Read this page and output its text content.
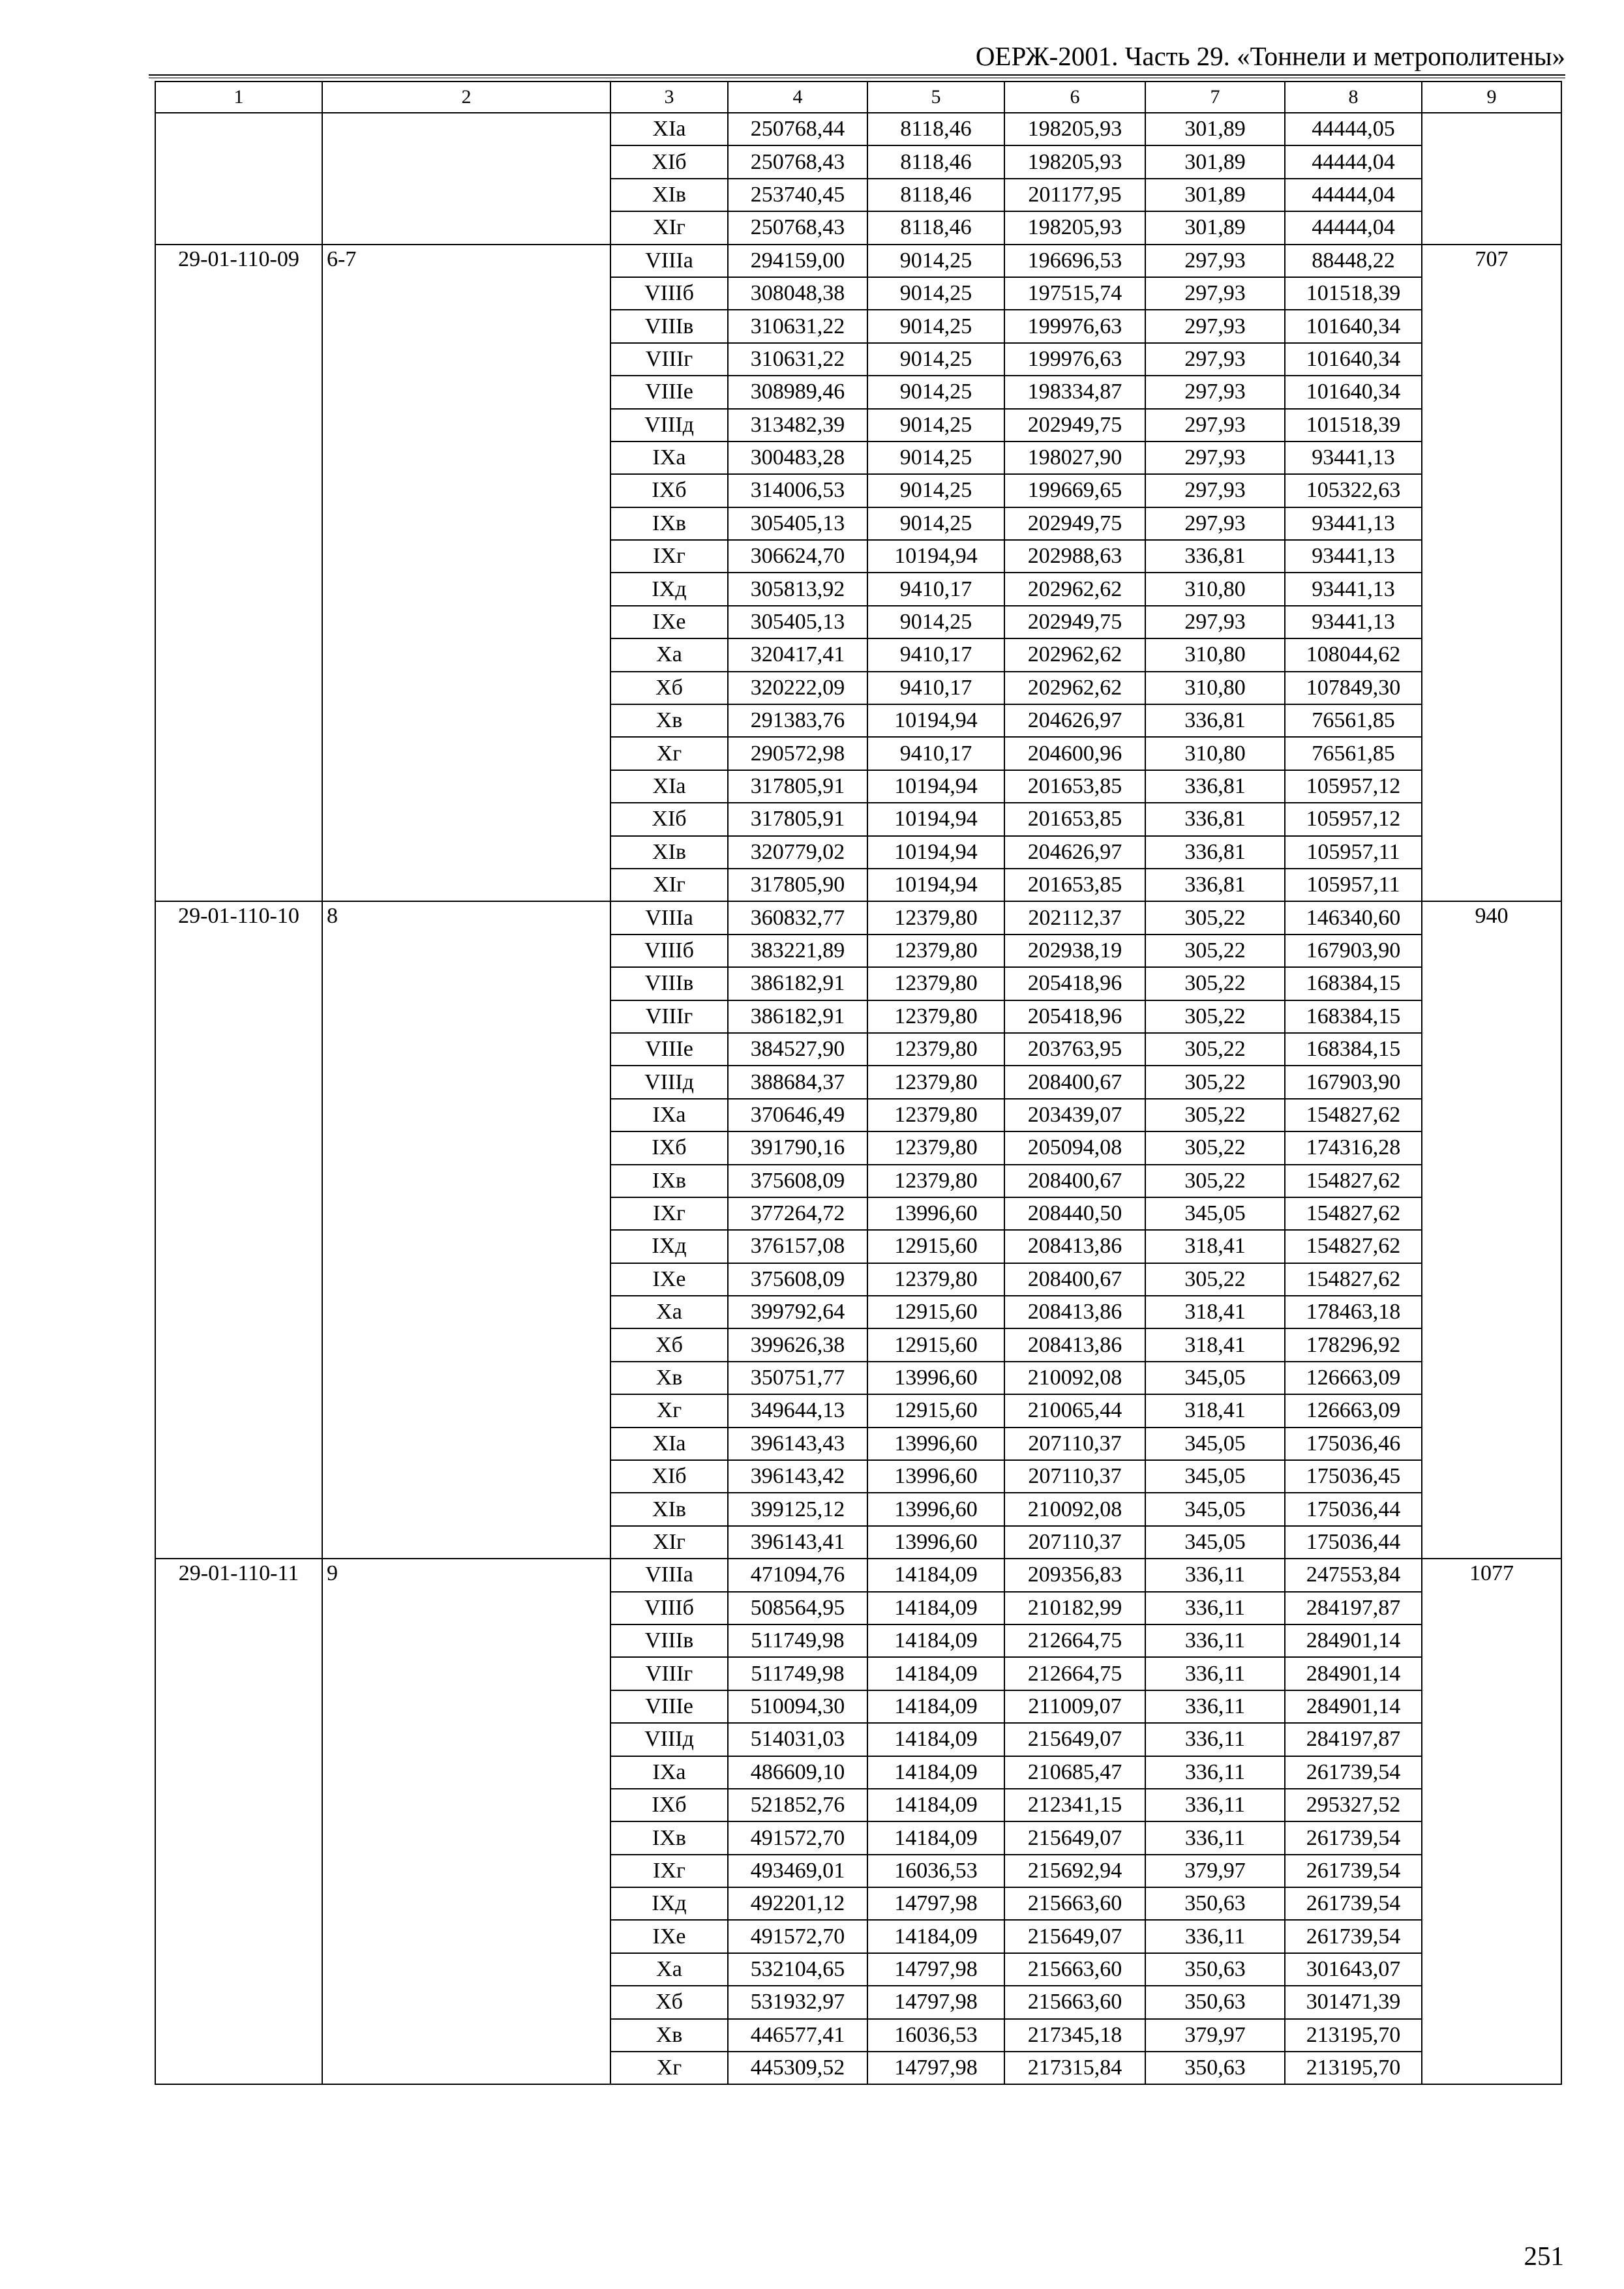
ОЕРЖ-2001. Часть 29. «Тоннели и метрополитены»
1	2	3	4	5	6	7	8	9
		XIa	250768,44	8118,46	198205,93	301,89	44444,05	
		XIб	250768,43	8118,46	198205,93	301,89	44444,04	
		XIв	253740,45	8118,46	201177,95	301,89	44444,04	
		XIг	250768,43	8118,46	198205,93	301,89	44444,04	
29-01-110-09	6-7	VIIIa	294159,00	9014,25	196696,53	297,93	88448,22	707
		VIIIб	308048,38	9014,25	197515,74	297,93	101518,39	
		VIIIв	310631,22	9014,25	199976,63	297,93	101640,34	
		VIIIг	310631,22	9014,25	199976,63	297,93	101640,34	
		VIIIе	308989,46	9014,25	198334,87	297,93	101640,34	
		VIIIд	313482,39	9014,25	202949,75	297,93	101518,39	
		IXa	300483,28	9014,25	198027,90	297,93	93441,13	
		IXб	314006,53	9014,25	199669,65	297,93	105322,63	
		IXв	305405,13	9014,25	202949,75	297,93	93441,13	
		IXг	306624,70	10194,94	202988,63	336,81	93441,13	
		IXд	305813,92	9410,17	202962,62	310,80	93441,13	
		IXе	305405,13	9014,25	202949,75	297,93	93441,13	
		Xa	320417,41	9410,17	202962,62	310,80	108044,62	
		Xб	320222,09	9410,17	202962,62	310,80	107849,30	
		Xв	291383,76	10194,94	204626,97	336,81	76561,85	
		Xг	290572,98	9410,17	204600,96	310,80	76561,85	
		XIa	317805,91	10194,94	201653,85	336,81	105957,12	
		XIб	317805,91	10194,94	201653,85	336,81	105957,12	
		XIв	320779,02	10194,94	204626,97	336,81	105957,11	
		XIг	317805,90	10194,94	201653,85	336,81	105957,11	
29-01-110-10	8	VIIIa	360832,77	12379,80	202112,37	305,22	146340,60	940
		VIIIб	383221,89	12379,80	202938,19	305,22	167903,90	
		VIIIв	386182,91	12379,80	205418,96	305,22	168384,15	
		VIIIг	386182,91	12379,80	205418,96	305,22	168384,15	
		VIIIе	384527,90	12379,80	203763,95	305,22	168384,15	
		VIIIд	388684,37	12379,80	208400,67	305,22	167903,90	
		IXa	370646,49	12379,80	203439,07	305,22	154827,62	
		IXб	391790,16	12379,80	205094,08	305,22	174316,28	
		IXв	375608,09	12379,80	208400,67	305,22	154827,62	
		IXг	377264,72	13996,60	208440,50	345,05	154827,62	
		IXд	376157,08	12915,60	208413,86	318,41	154827,62	
		IXе	375608,09	12379,80	208400,67	305,22	154827,62	
		Xa	399792,64	12915,60	208413,86	318,41	178463,18	
		Xб	399626,38	12915,60	208413,86	318,41	178296,92	
		Xв	350751,77	13996,60	210092,08	345,05	126663,09	
		Xг	349644,13	12915,60	210065,44	318,41	126663,09	
		XIa	396143,43	13996,60	207110,37	345,05	175036,46	
		XIб	396143,42	13996,60	207110,37	345,05	175036,45	
		XIв	399125,12	13996,60	210092,08	345,05	175036,44	
		XIг	396143,41	13996,60	207110,37	345,05	175036,44	
29-01-110-11	9	VIIIa	471094,76	14184,09	209356,83	336,11	247553,84	1077
		VIIIб	508564,95	14184,09	210182,99	336,11	284197,87	
		VIIIв	511749,98	14184,09	212664,75	336,11	284901,14	
		VIIIг	511749,98	14184,09	212664,75	336,11	284901,14	
		VIIIе	510094,30	14184,09	211009,07	336,11	284901,14	
		VIIIд	514031,03	14184,09	215649,07	336,11	284197,87	
		IXa	486609,10	14184,09	210685,47	336,11	261739,54	
		IXб	521852,76	14184,09	212341,15	336,11	295327,52	
		IXв	491572,70	14184,09	215649,07	336,11	261739,54	
		IXг	493469,01	16036,53	215692,94	379,97	261739,54	
		IXд	492201,12	14797,98	215663,60	350,63	261739,54	
		IXе	491572,70	14184,09	215649,07	336,11	261739,54	
		Xa	532104,65	14797,98	215663,60	350,63	301643,07	
		Xб	531932,97	14797,98	215663,60	350,63	301471,39	
		Xв	446577,41	16036,53	217345,18	379,97	213195,70	
		Xг	445309,52	14797,98	217315,84	350,63	213195,70	
251
